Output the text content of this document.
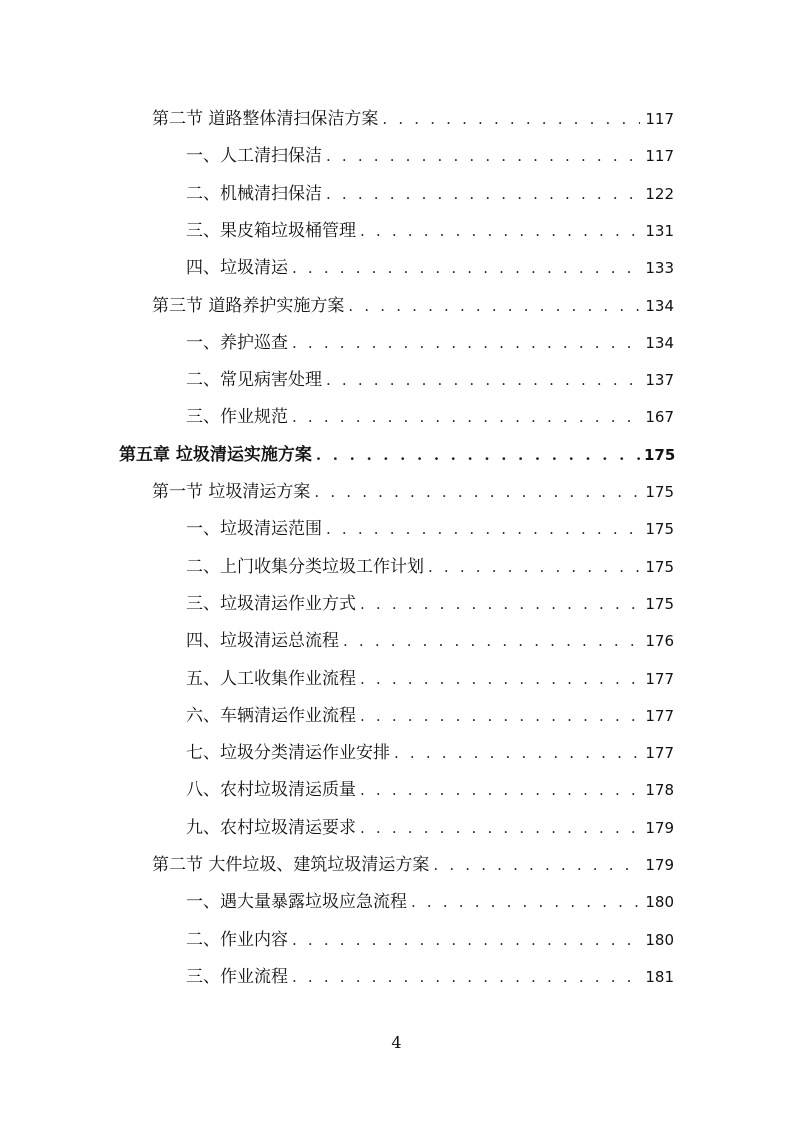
第二节 道路整体清扫保洁方案 . . .	117
一、人工清扫保洁 . . .	117
二、机械清扫保洁 . . .	122
三、果皮箱垃圾桶管理 . . .	131
四、垃圾清运 . . .	133
第三节 道路养护实施方案 . . .	134
一、养护巡查 . . .	134
二、常见病害处理 . . .	137
三、作业规范 . . .	167
第五章 垃圾清运实施方案 . . .	175
第一节 垃圾清运方案 . . .	175
一、垃圾清运范围 . . .	175
二、上门收集分类垃圾工作计划 . . .	175
三、垃圾清运作业方式 . . .	175
四、垃圾清运总流程 . . .	176
五、人工收集作业流程 . . .	177
六、车辆清运作业流程 . . .	177
七、垃圾分类清运作业安排 . . .	177
八、农村垃圾清运质量 . . .	178
九、农村垃圾清运要求 . . .	179
第二节 大件垃圾、建筑垃圾清运方案 . . .	179
一、遇大量暴露垃圾应急流程 . . .	180
二、作业内容 . . .	180
三、作业流程 . . .	181
4
